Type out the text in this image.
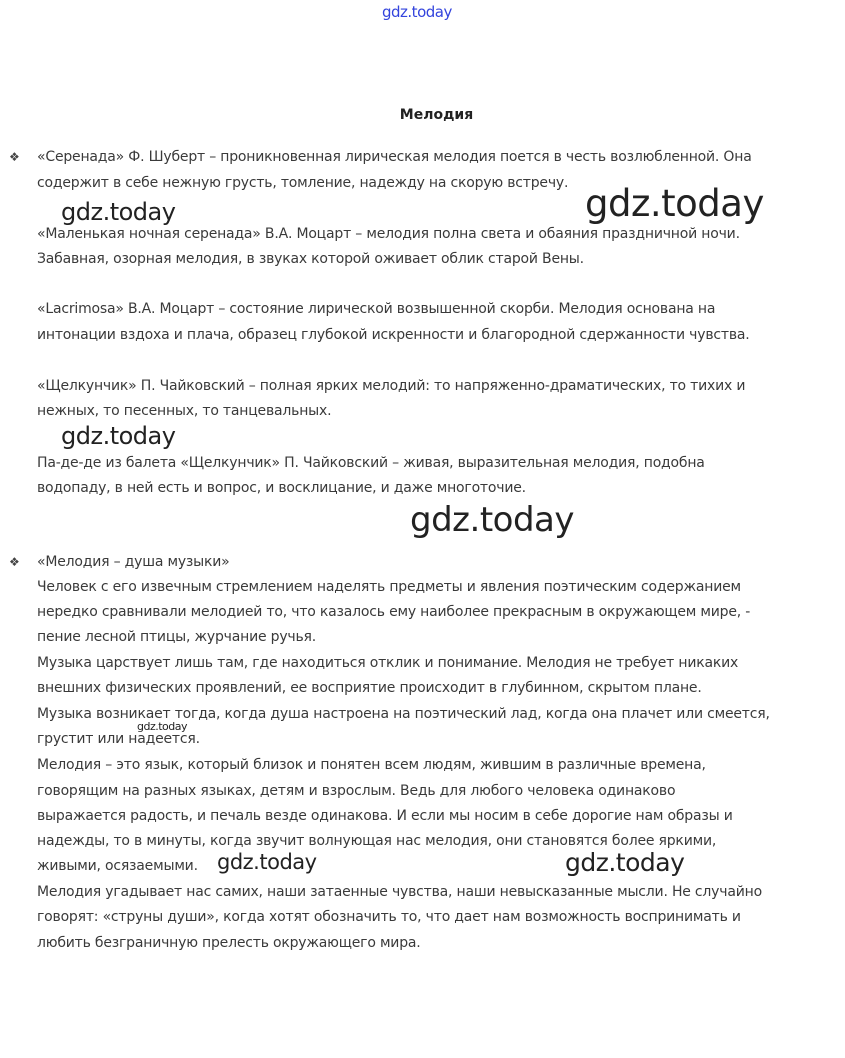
gdz.today
Мелодия
❖
❖
«Серенада» Ф. Шуберт – проникновенная лирическая мелодия поется в честь возлюбленной. Она
содержит в себе нежную грусть, томление, надежду на скорую встречу.
«Маленькая ночная серенада» В.А. Моцарт – мелодия полна света и обаяния праздничной ночи.
Забавная, озорная мелодия, в звуках которой оживает облик старой Вены.
«Lacrimosa» В.А. Моцарт – состояние лирической возвышенной скорби. Мелодия основана на
интонации вздоха и плача, образец глубокой искренности и благородной сдержанности чувства.
«Щелкунчик» П. Чайковский – полная ярких мелодий: то напряженно-драматических, то тихих и
нежных, то песенных, то танцевальных.
Па-де-де из балета «Щелкунчик» П. Чайковский – живая, выразительная мелодия, подобна
водопаду, в ней есть и вопрос, и восклицание, и даже многоточие.
«Мелодия – душа музыки»
Человек с его извечным стремлением наделять предметы и явления поэтическим содержанием
нередко сравнивали мелодией то, что казалось ему наиболее прекрасным в окружающем мире, -
пение лесной птицы, журчание ручья.
Музыка царствует лишь там, где находиться отклик и понимание. Мелодия не требует никаких
внешних физических проявлений, ее восприятие происходит в глубинном, скрытом плане.
Музыка возникает тогда, когда душа настроена на поэтический лад, когда она плачет или смеется,
грустит или надеется.
Мелодия – это язык, который близок и понятен всем людям, жившим в различные времена,
говорящим на разных языках, детям и взрослым. Ведь для любого человека одинаково
выражается радость, и печаль везде одинакова. И если мы носим в себе дорогие нам образы и
надежды, то в минуты, когда звучит волнующая нас мелодия, они становятся более яркими,
живыми, осязаемыми.
Мелодия угадывает нас самих, наши затаенные чувства, наши невысказанные мысли. Не случайно
говорят: «струны души», когда хотят обозначить то, что дает нам возможность воспринимать и
любить безграничную прелесть окружающего мира.
gdz.today	gdz.today
gdz.today
gdz.today
gdz.today
gdz.today	gdz.today
